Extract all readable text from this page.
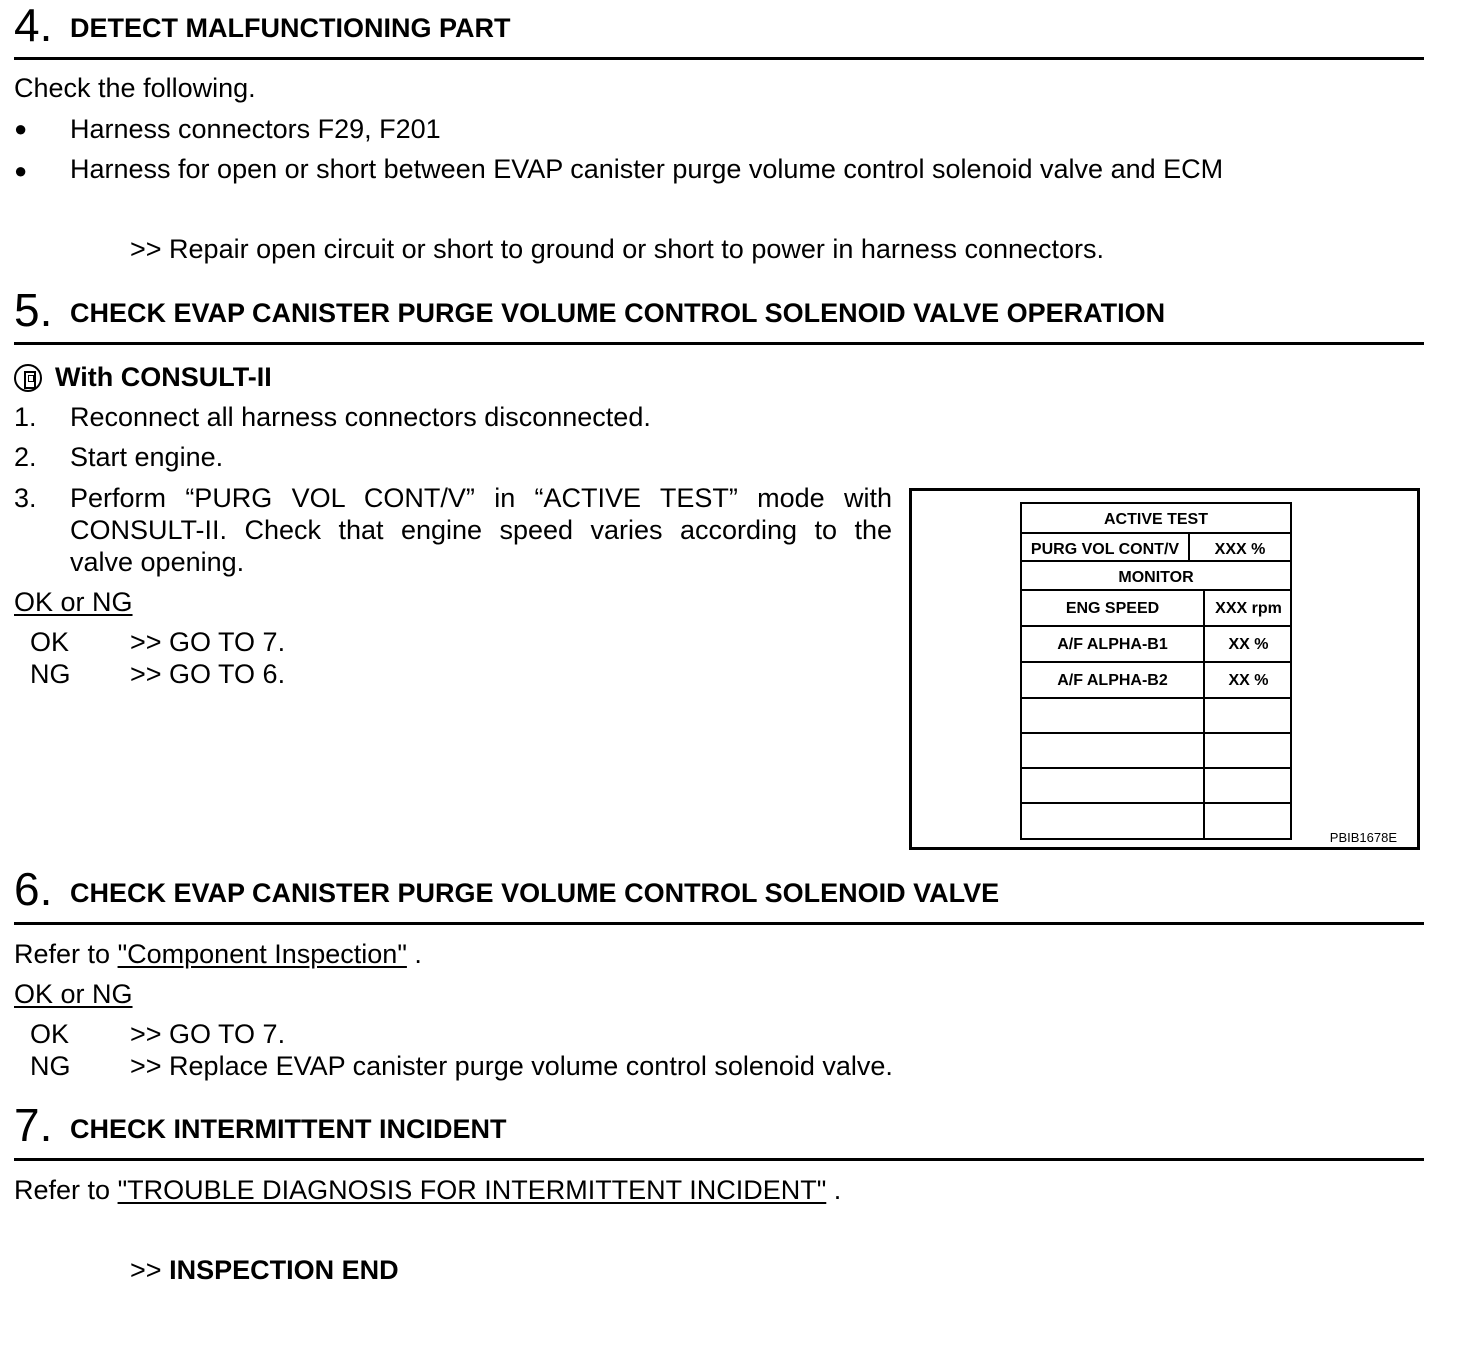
4. DETECT MALFUNCTIONING PART
Check the following.
● Harness connectors F29, F201
● Harness for open or short between EVAP canister purge volume control solenoid valve and ECM
>> Repair open circuit or short to ground or short to power in harness connectors.
5. CHECK EVAP CANISTER PURGE VOLUME CONTROL SOLENOID VALVE OPERATION
With CONSULT-II
1. Reconnect all harness connectors disconnected.
2. Start engine.
3. Perform “PURG VOL CONT/V” in “ACTIVE TEST” mode with
CONSULT-II. Check that engine speed varies according to the
valve opening.
OK or NG
OK >> GO TO 7.
NG >> GO TO 6.
ACTIVE TEST
PURG VOL CONT/V	XXX %
MONITOR
ENG SPEED	XXX rpm
A/F ALPHA-B1	XX %
A/F ALPHA-B2	XX %
PBIB1678E
6. CHECK EVAP CANISTER PURGE VOLUME CONTROL SOLENOID VALVE
Refer to "Component Inspection" .
OK or NG
OK >> GO TO 7.
NG >> Replace EVAP canister purge volume control solenoid valve.
7. CHECK INTERMITTENT INCIDENT
Refer to "TROUBLE DIAGNOSIS FOR INTERMITTENT INCIDENT" .
>> INSPECTION END
